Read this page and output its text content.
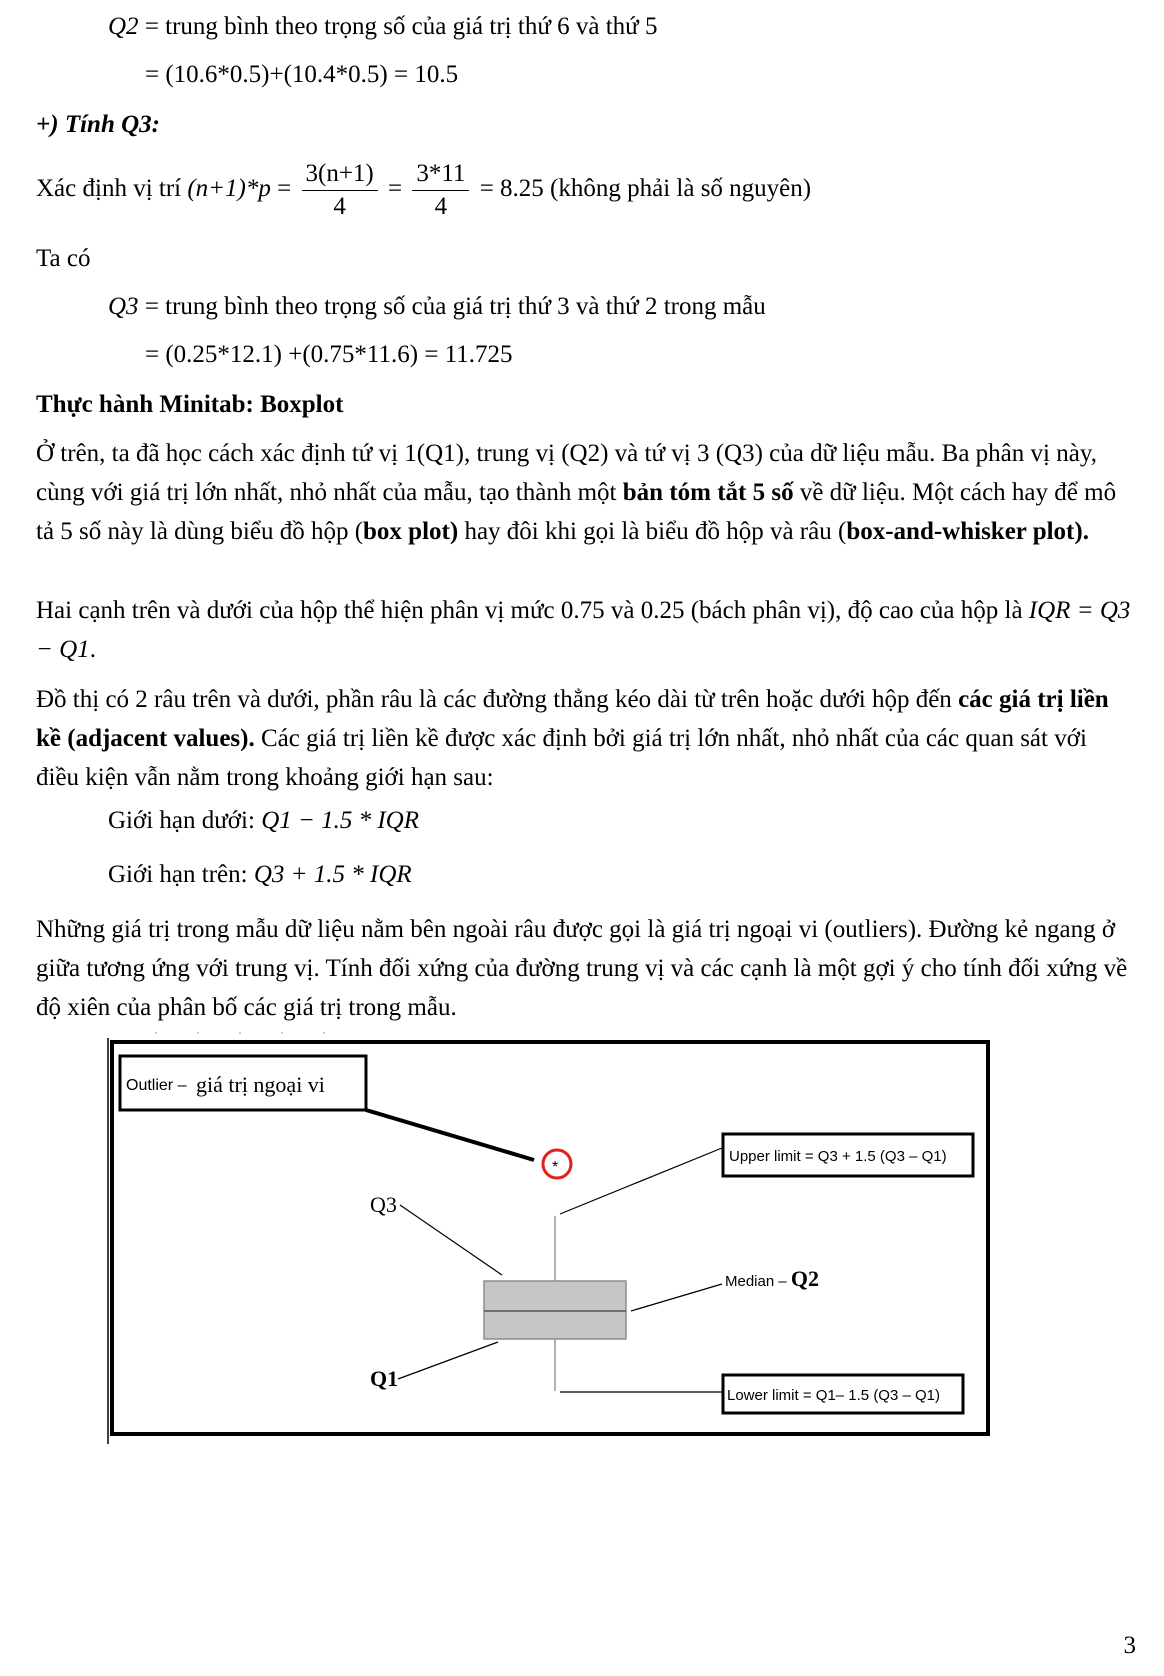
Q2 = trung bình theo trọng số của giá trị thứ 6 và thứ 5
= (10.6*0.5)+(10.4*0.5) = 10.5
+) Tính Q3:
Xác định vị trí $(n+1)*p = \frac{3(n+1)}{4} = \frac{3*11}{4} = 8.25$ (không phải là số nguyên)
Ta có
Q3 = trung bình theo trọng số của giá trị thứ 3 và thứ 2 trong mẫu
= (0.25*12.1) +(0.75*11.6) = 11.725
Thực hành Minitab: Boxplot
Ở trên, ta đã học cách xác định tứ vị 1(Q1), trung vị (Q2) và tứ vị 3 (Q3) của dữ liệu mẫu. Ba phân vị này, cùng với giá trị lớn nhất, nhỏ nhất của mẫu, tạo thành một bản tóm tắt 5 số về dữ liệu. Một cách hay để mô tả 5 số này là dùng biểu đồ hộp (box plot) hay đôi khi gọi là biểu đồ hộp và râu (box-and-whisker plot).
Hai cạnh trên và dưới của hộp thể hiện phân vị mức 0.75 và 0.25 (bách phân vị), độ cao của hộp là IQR = Q3 − Q1.
Đồ thị có 2 râu trên và dưới, phần râu là các đường thẳng kéo dài từ trên hoặc dưới hộp đến các giá trị liền kề (adjacent values). Các giá trị liền kề được xác định bởi giá trị lớn nhất, nhỏ nhất của các quan sát với điều kiện vẫn nằm trong khoảng giới hạn sau:
Giới hạn dưới: Q1 − 1.5 * IQR
Giới hạn trên: Q3 + 1.5 * IQR
Những giá trị trong mẫu dữ liệu nằm bên ngoài râu được gọi là giá trị ngoại vi (outliers). Đường kẻ ngang ở giữa tương ứng với trung vị. Tính đối xứng của đường trung vị và các cạnh là một gợi ý cho tính đối xứng về độ xiên của phân bố các giá trị trong mẫu.
Outlier – giá trị ngoại vi
*
Upper limit = Q3 + 1.5 (Q3 – Q1)
Q3
Median – Q2
Q1
Lower limit = Q1– 1.5 (Q3 – Q1)
3
